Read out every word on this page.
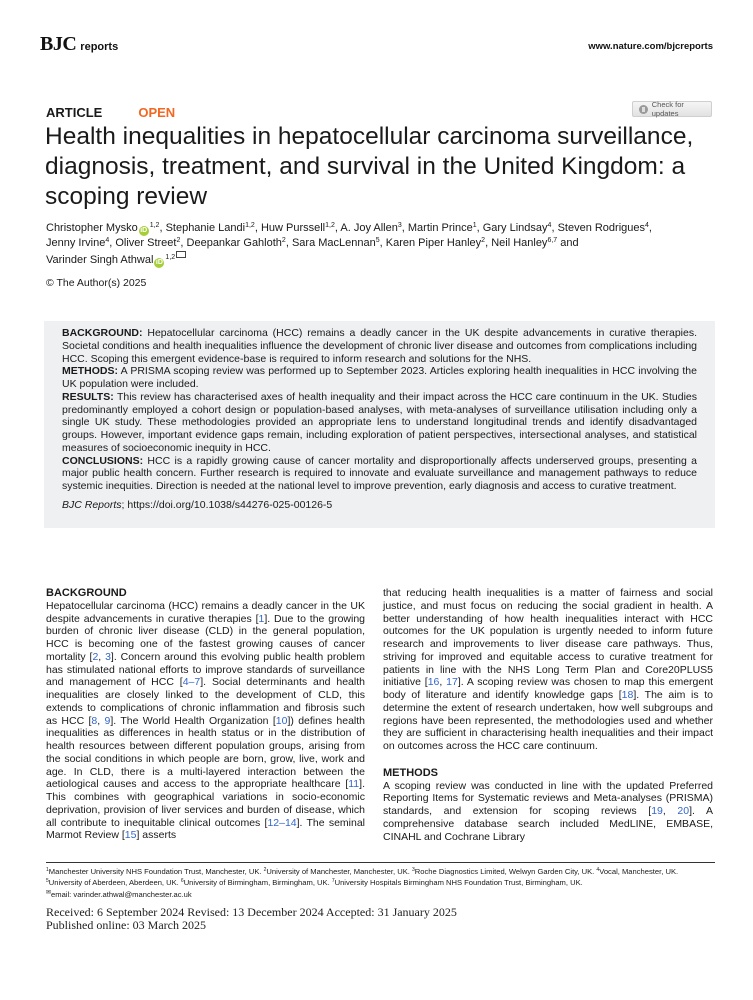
BJC reports	www.nature.com/bjcreports
ARTICLE	OPEN
Check for updates
Health inequalities in hepatocellular carcinoma surveillance, diagnosis, treatment, and survival in the United Kingdom: a scoping review
Christopher Mysko iD$^{1,2}$, Stephanie Landi$^{1,2}$, Huw Purssell$^{1,2}$, A. Joy Allen$^3$, Martin Prince$^1$, Gary Lindsay$^4$, Steven Rodrigues$^4$,
Jenny Irvine$^4$, Oliver Street$^2$, Deepankar Gahloth$^2$, Sara MacLennan$^5$, Karen Piper Hanley$^2$, Neil Hanley$^{6,7}$ and
Varinder Singh Athwal iD$^{1,2}$
© The Author(s) 2025

BACKGROUND: Hepatocellular carcinoma (HCC) remains a deadly cancer in the UK despite advancements in curative therapies. Societal conditions and health inequalities influence the development of chronic liver disease and outcomes from complications including HCC. Scoping this emergent evidence-base is required to inform research and solutions for the NHS.

METHODS: A PRISMA scoping review was performed up to September 2023. Articles exploring health inequalities in HCC involving the UK population were included.

RESULTS: This review has characterised axes of health inequality and their impact across the HCC care continuum in the UK. Studies predominantly employed a cohort design or population-based analyses, with meta-analyses of surveillance utilisation including only a single UK study. These methodologies provided an appropriate lens to understand longitudinal trends and identify disadvantaged groups. However, important evidence gaps remain, including exploration of patient perspectives, intersectional analyses, and statistical measures of socioeconomic inequity in HCC.

CONCLUSIONS: HCC is a rapidly growing cause of cancer mortality and disproportionally affects underserved groups, presenting a major public health concern. Further research is required to innovate and evaluate surveillance and management pathways to reduce systemic inequities. Direction is needed at the national level to improve prevention, early diagnosis and access to curative treatment.

BJC Reports; https://doi.org/10.1038/s44276-025-00126-5

BACKGROUND

Hepatocellular carcinoma (HCC) remains a deadly cancer in the UK despite advancements in curative therapies [1]. Due to the growing burden of chronic liver disease (CLD) in the general population, HCC is becoming one of the fastest growing causes of cancer mortality [2, 3]. Concern around this evolving public health problem has stimulated national efforts to improve standards of surveillance and management of HCC [4–7]. Social determinants and health inequalities are closely linked to the development of CLD, this extends to complications of chronic inflammation and fibrosis such as HCC [8, 9]. The World Health Organization [10]) defines health inequalities as differences in health status or in the distribution of health resources between different population groups, arising from the social conditions in which people are born, grow, live, work and age. In CLD, there is a multi-layered interaction between the aetiological causes and access to the appropriate healthcare [11]. This combines with geographical variations in socio-economic deprivation, provision of liver services and burden of disease, which all contribute to inequitable clinical outcomes [12–14]. The seminal Marmot Review [15] asserts

that reducing health inequalities is a matter of fairness and social justice, and must focus on reducing the social gradient in health. A better understanding of how health inequalities interact with HCC outcomes for the UK population is urgently needed to inform future research and improvements to liver disease care pathways. Thus, striving for improved and equitable access to curative treatment for patients in line with the NHS Long Term Plan and Core20PLUS5 initiative [16, 17]. A scoping review was chosen to map this emergent body of literature and identify knowledge gaps [18]. The aim is to determine the extent of research undertaken, how well subgroups and regions have been represented, the methodologies used and whether they are sufficient in characterising health inequalities and their impact on outcomes across the HCC care continuum.

METHODS

A scoping review was conducted in line with the updated Preferred Reporting Items for Systematic reviews and Meta-analyses (PRISMA) standards, and extension for scoping reviews [19, 20]. A comprehensive database search included MedLINE, EMBASE, CINAHL and Cochrane Library

$^1$Manchester University NHS Foundation Trust, Manchester, UK. $^2$University of Manchester, Manchester, UK. $^3$Roche Diagnostics Limited, Welwyn Garden City, UK. $^4$Vocal, Manchester, UK. $^5$University of Aberdeen, Aberdeen, UK. $^6$University of Birmingham, Birmingham, UK. $^7$University Hospitals Birmingham NHS Foundation Trust, Birmingham, UK.
✉email: varinder.athwal@manchester.ac.uk
Received: 6 September 2024 Revised: 13 December 2024 Accepted: 31 January 2025
Published online: 03 March 2025
